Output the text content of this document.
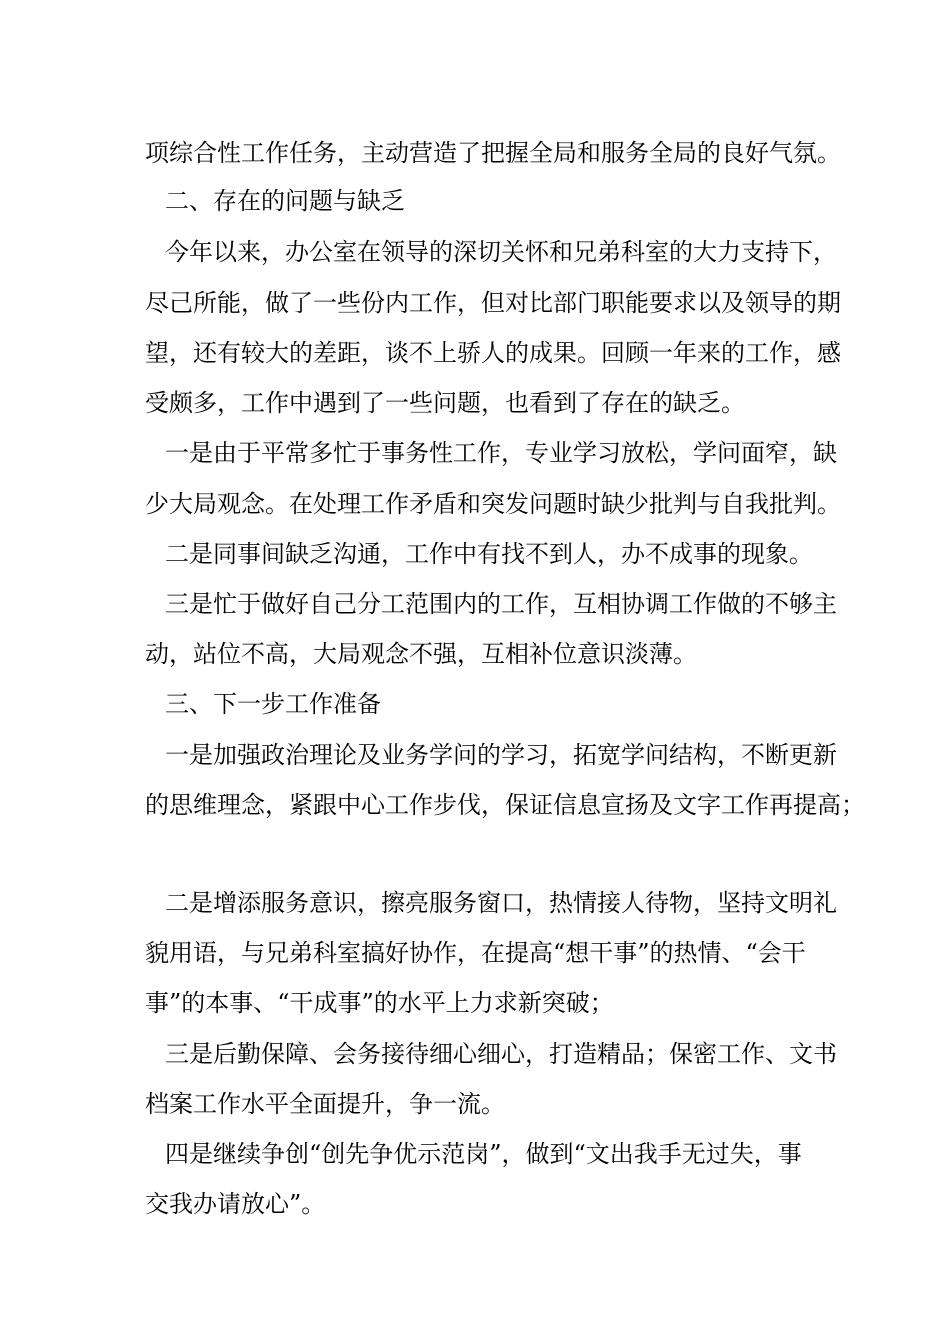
项综合性工作任务，主动营造了把握全局和服务全局的良好气氛。
二、存在的问题与缺乏
今年以来，办公室在领导的深切关怀和兄弟科室的大力支持下，
尽己所能，做了一些份内工作，但对比部门职能要求以及领导的期
望，还有较大的差距，谈不上骄人的成果。回顾一年来的工作，感
受颇多，工作中遇到了一些问题，也看到了存在的缺乏。
一是由于平常多忙于事务性工作，专业学习放松，学问面窄，缺
少大局观念。在处理工作矛盾和突发问题时缺少批判与自我批判。
二是同事间缺乏沟通，工作中有找不到人，办不成事的现象。
三是忙于做好自己分工范围内的工作，互相协调工作做的不够主
动，站位不高，大局观念不强，互相补位意识淡薄。
三、下一步工作准备
一是加强政治理论及业务学问的学习，拓宽学问结构，不断更新
的思维理念，紧跟中心工作步伐，保证信息宣扬及文字工作再提高；
二是增添服务意识，擦亮服务窗口，热情接人待物，坚持文明礼
貌用语，与兄弟科室搞好协作，在提高“想干事”的热情、“会干
事”的本事、“干成事”的水平上力求新突破；
三是后勤保障、会务接待细心细心，打造精品；保密工作、文书
档案工作水平全面提升，争一流。
四是继续争创“创先争优示范岗”，做到“文出我手无过失，事
交我办请放心”。
